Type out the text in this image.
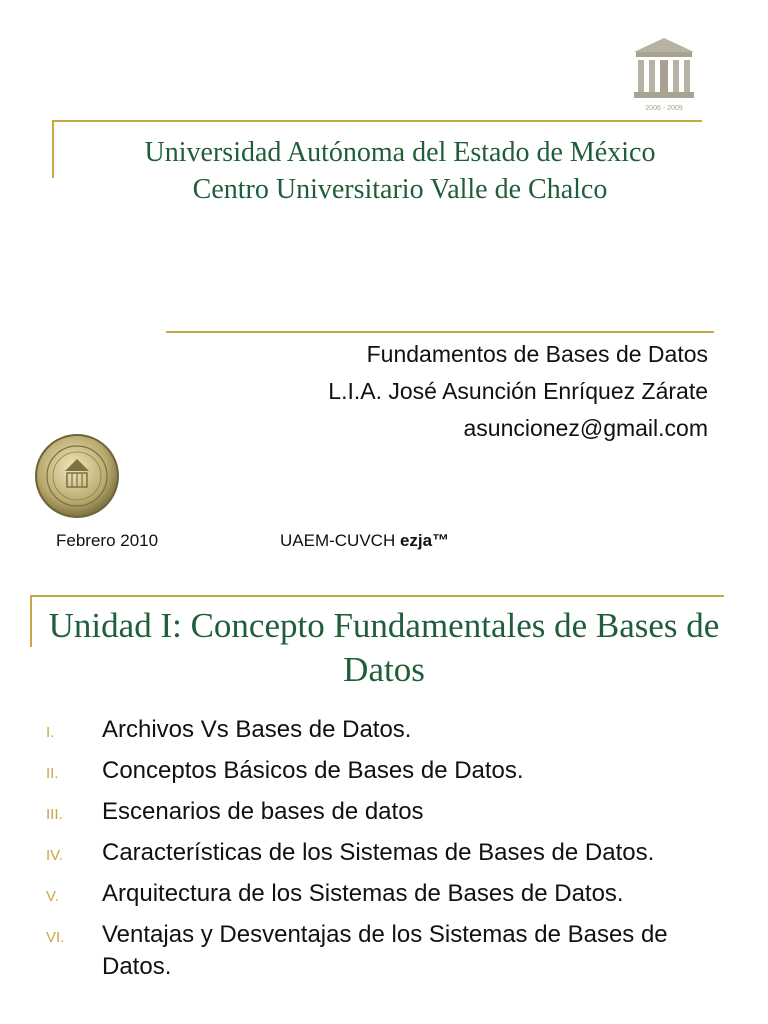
2006 - 2009
Universidad Autónoma del Estado de México
Centro Universitario Valle de Chalco
Fundamentos de Bases de Datos
L.I.A. José Asunción Enríquez Zárate
asuncionez@gmail.com
Febrero 2010	UAEM-CUVCH ezja™
Unidad I: Concepto Fundamentales de Bases de Datos
I. Archivos Vs Bases de Datos.
II. Conceptos Básicos de Bases de Datos.
III. Escenarios de bases de datos
IV. Características de los Sistemas de Bases de Datos.
V. Arquitectura de los Sistemas de Bases de Datos.
VI. Ventajas y Desventajas de los Sistemas de Bases de Datos.
